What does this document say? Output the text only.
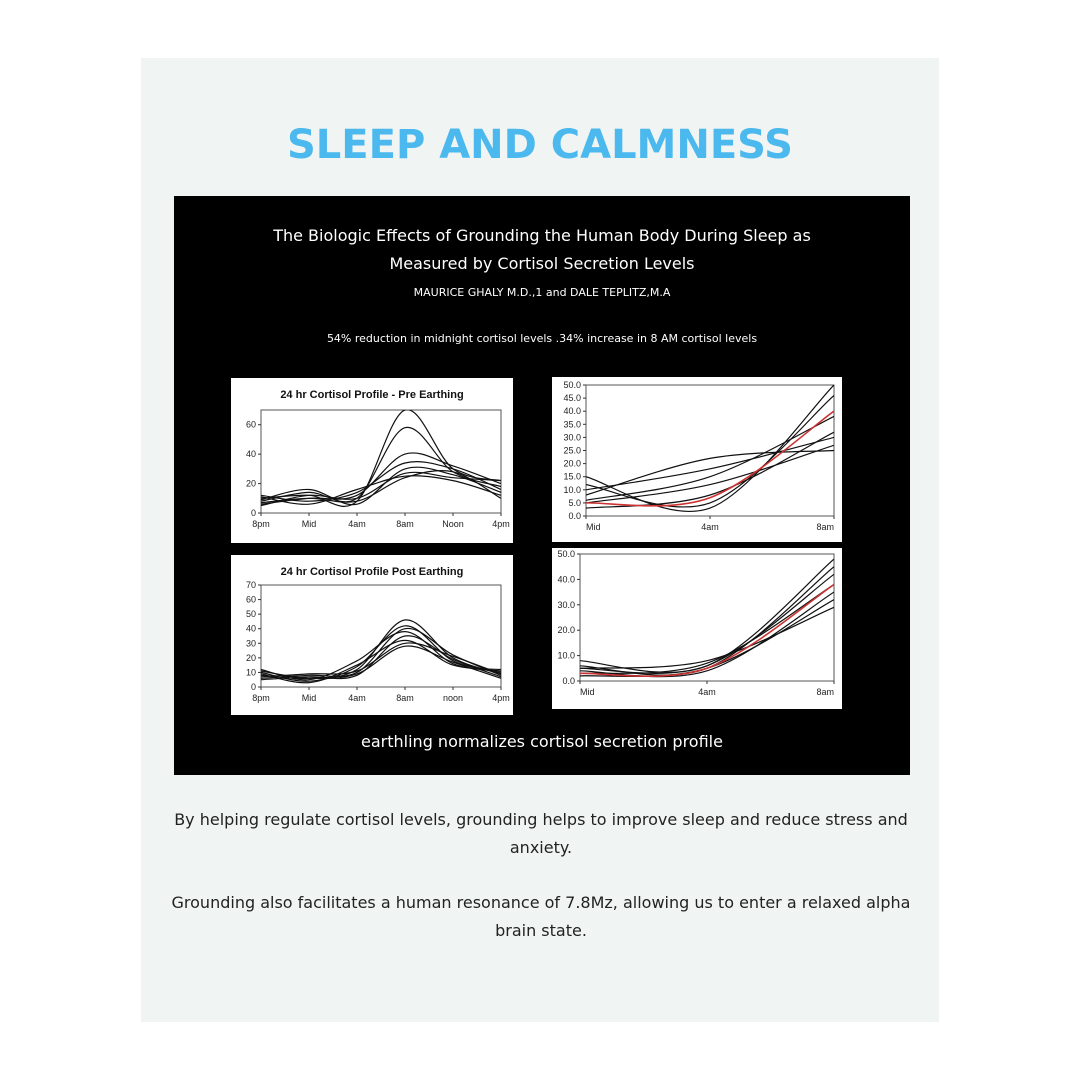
SLEEP AND CALMNESS

The Biologic Effects of Grounding the Human Body During Sleep as
Measured by Cortisol Secretion Levels

MAURICE GHALY M.D.,1 and DALE TEPLITZ,M.A

54% reduction in midnight cortisol levels .34% increase in 8 AM cortisol levels

24 hr Cortisol Profile - Pre Earthing
0
20
40
60
8pm	Mid	4am	8am	Noon	4pm
0.0
5.0
10.0
15.0
20.0
25.0
30.0
35.0
40.0
45.0
50.0
Mid	4am	8am
24 hr Cortisol Profile Post Earthing
0
10
20
30
40
50
60
70
8pm	Mid	4am	8am	noon	4pm
0.0
10.0
20.0
30.0
40.0
50.0
Mid	4am	8am

earthling normalizes cortisol secretion profile

By helping regulate cortisol levels, grounding helps to improve sleep and reduce stress and anxiety.

Grounding also facilitates a human resonance of 7.8Mz, allowing us to enter a relaxed alpha brain state.
